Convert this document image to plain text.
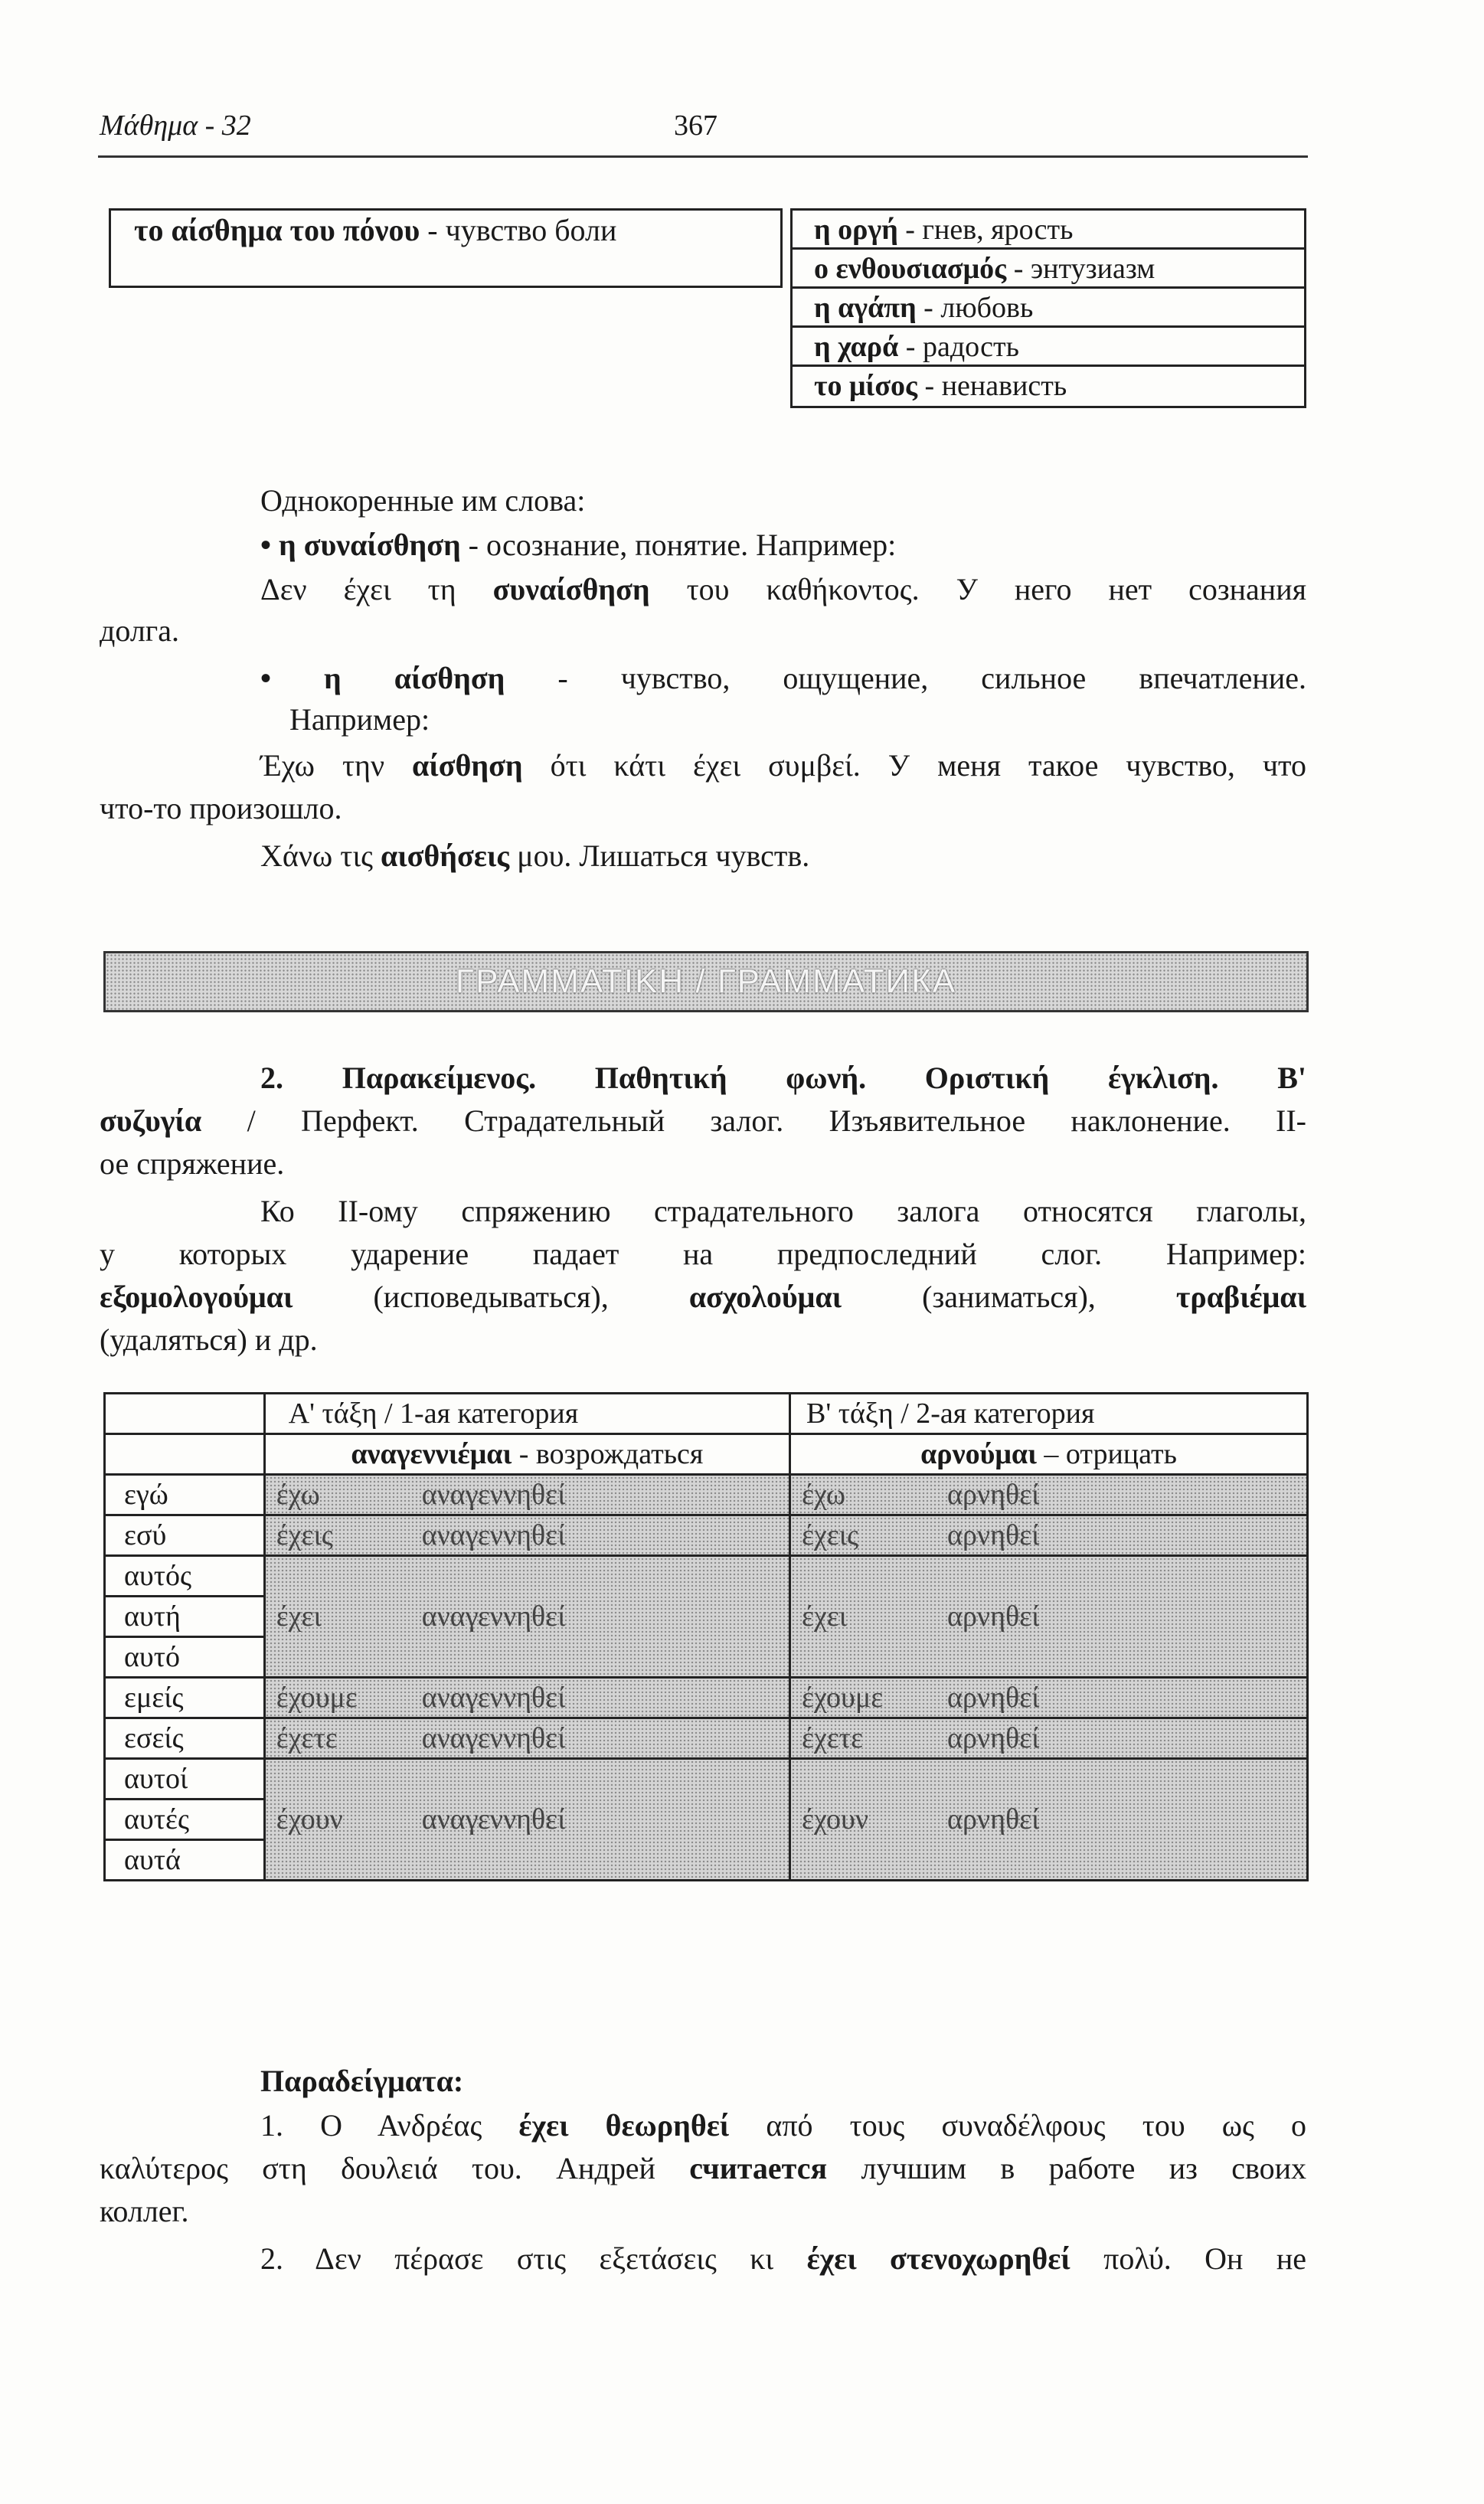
Μάθημα - 32	367
το αίσθημα του πόνου - чувство боли	η οργή - гнев, ярость
ο ενθουσιασμός - энтузиазм
η αγάπη - любовь
η χαρά - радость
το μίσος - ненависть
Однокоренные им слова:
• η συναίσθηση - осознание, понятие. Например:
Δεν έχει τη συναίσθηση του καθήκοντος. У него нет сознания
долга.
• η αίσθηση - чувство, ощущение, сильное впечатление.
Например:
Έχω την αίσθηση ότι κάτι έχει συμβεί. У меня такое чувство, что
что-то произошло.
Χάνω τις αισθήσεις μου. Лишаться чувств.
ΓΡΑΜΜΑΤΙΚΗ / ГРАММАТИКА
2. Παρακείμενος. Παθητική φωνή. Οριστική έγκλιση. Β'
συζυγία / Перфект. Страдательный залог. Изъявительное наклонение. II-
ое спряжение.
Ко II-ому спряжению страдательного залога относятся глаголы,
у которых ударение падает на предпоследний слог. Например:
εξομολογούμαι (исповедываться), ασχολούμαι (заниматься), τραβιέμαι
(удаляться) и др.
	Α' τάξη / 1-ая категория	Β' τάξη / 2-ая категория
	αναγεννιέμαι - возрождаться	αρνούμαι – отрицать
εγώ	έχω αναγεννηθεί	έχω αρνηθεί
εσύ	έχεις αναγεννηθεί	έχεις αρνηθεί
αυτός	έχει αναγεννηθεί	έχει αρνηθεί
αυτή		
αυτό		
εμείς	έχουμε αναγεννηθεί	έχουμε αρνηθεί
εσείς	έχετε αναγεννηθεί	έχετε αρνηθεί
αυτοί	έχουν αναγεννηθεί	έχουν αρνηθεί
αυτές		
αυτά		
Παραδείγματα:
1. Ο Ανδρέας έχει θεωρηθεί από τους συναδέλφους του ως ο
καλύτερος στη δουλειά του. Андрей считается лучшим в работе из своих
коллег.
2. Δεν πέρασε στις εξετάσεις κι έχει στενοχωρηθεί πολύ. Он не
